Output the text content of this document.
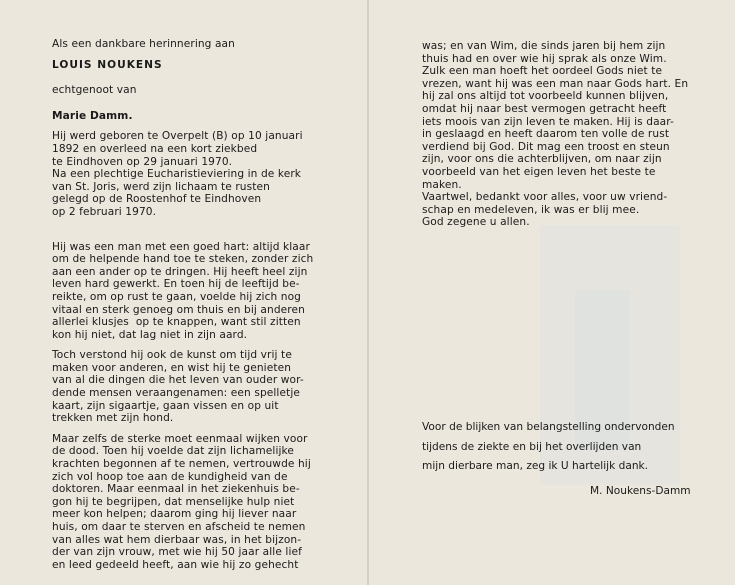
Als een dankbare herinnering aan
LOUIS NOUKENS
echtgenoot van
Marie Damm.
Hij werd geboren te Overpelt (B) op 10 januari
1892 en overleed na een kort ziekbed
te Eindhoven op 29 januari 1970.
Na een plechtige Eucharistieviering in de kerk
van St. Joris, werd zijn lichaam te rusten
gelegd op de Roostenhof te Eindhoven
op 2 februari 1970.
Hij was een man met een goed hart: altijd klaar
om de helpende hand toe te steken, zonder zich
aan een ander op te dringen. Hij heeft heel zijn
leven hard gewerkt. En toen hij de leeftijd be-
reikte, om op rust te gaan, voelde hij zich nog
vitaal en sterk genoeg om thuis en bij anderen
allerlei klusjes  op te knappen, want stil zitten
kon hij niet, dat lag niet in zijn aard.
Toch verstond hij ook de kunst om tijd vrij te
maken voor anderen, en wist hij te genieten
van al die dingen die het leven van ouder wor-
dende mensen veraangenamen: een spelletje
kaart, zijn sigaartje, gaan vissen en op uit
trekken met zijn hond.
Maar zelfs de sterke moet eenmaal wijken voor
de dood. Toen hij voelde dat zijn lichamelijke
krachten begonnen af te nemen, vertrouwde hij
zich vol hoop toe aan de kundigheid van de
doktoren. Maar eenmaal in het ziekenhuis be-
gon hij te begrijpen, dat menselijke hulp niet
meer kon helpen; daarom ging hij liever naar
huis, om daar te sterven en afscheid te nemen
van alles wat hem dierbaar was, in het bijzon-
der van zijn vrouw, met wie hij 50 jaar alle lief
en leed gedeeld heeft, aan wie hij zo gehecht
was; en van Wim, die sinds jaren bij hem zijn
thuis had en over wie hij sprak als onze Wim.
Zulk een man hoeft het oordeel Gods niet te
vrezen, want hij was een man naar Gods hart. En
hij zal ons altijd tot voorbeeld kunnen blijven,
omdat hij naar best vermogen getracht heeft
iets moois van zijn leven te maken. Hij is daar-
in geslaagd en heeft daarom ten volle de rust
verdiend bij God. Dit mag een troost en steun
zijn, voor ons die achterblijven, om naar zijn
voorbeeld van het eigen leven het beste te
maken.
Vaartwel, bedankt voor alles, voor uw vriend-
schap en medeleven, ik was er blij mee.
God zegene u allen.
Voor de blijken van belangstelling ondervonden
tijdens de ziekte en bij het overlijden van
mijn dierbare man, zeg ik U hartelijk dank.
M. Noukens-Damm
